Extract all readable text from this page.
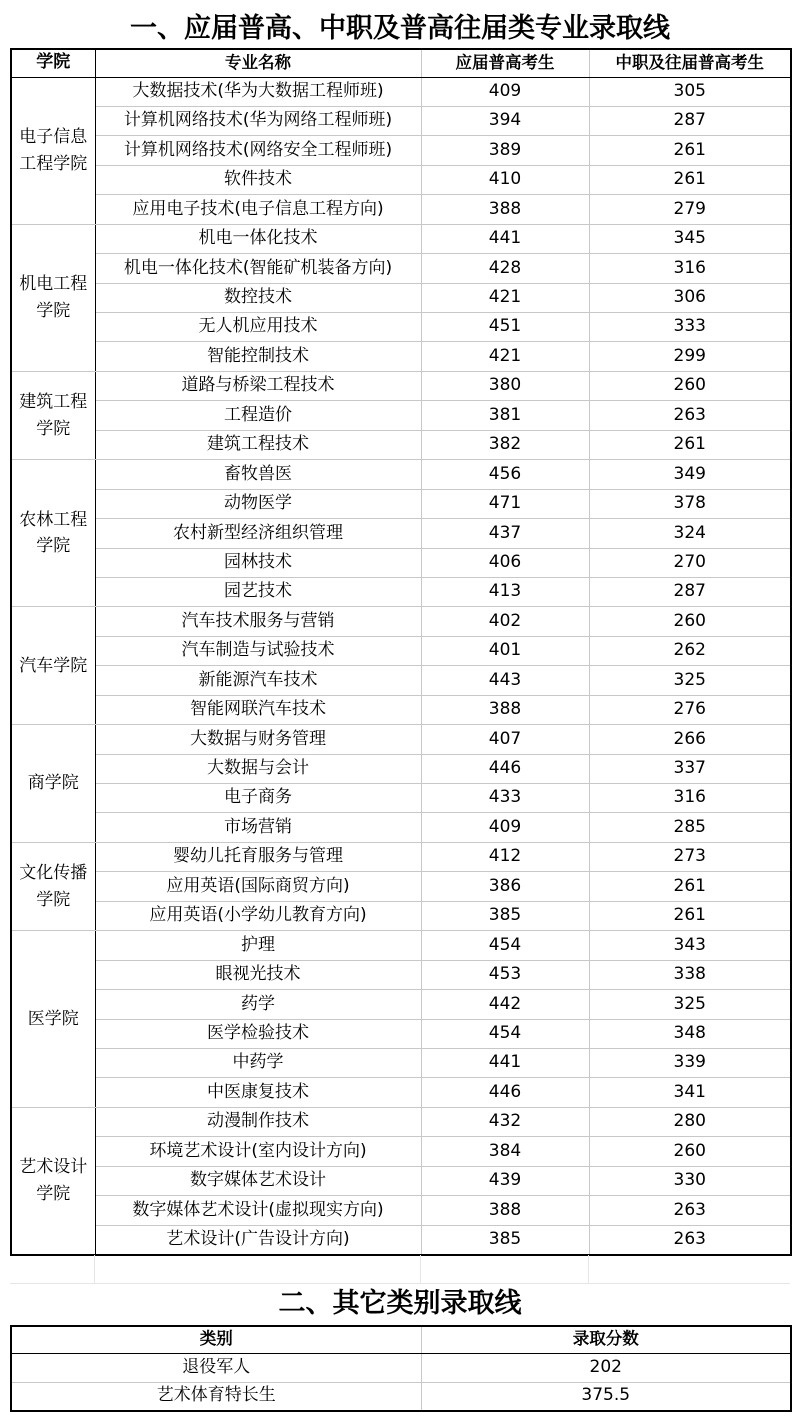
一、应届普高、中职及普高往届类专业录取线
学院	专业名称	应届普高考生	中职及往届普高考生
电子信息
工程学院	大数据技术(华为大数据工程师班)	409	305
	计算机网络技术(华为网络工程师班)	394	287
	计算机网络技术(网络安全工程师班)	389	261
	软件技术	410	261
	应用电子技术(电子信息工程方向)	388	279
机电工程
学院	机电一体化技术	441	345
	机电一体化技术(智能矿机装备方向)	428	316
	数控技术	421	306
	无人机应用技术	451	333
	智能控制技术	421	299
建筑工程
学院	道路与桥梁工程技术	380	260
	工程造价	381	263
	建筑工程技术	382	261
农林工程
学院	畜牧兽医	456	349
	动物医学	471	378
	农村新型经济组织管理	437	324
	园林技术	406	270
	园艺技术	413	287
汽车学院	汽车技术服务与营销	402	260
	汽车制造与试验技术	401	262
	新能源汽车技术	443	325
	智能网联汽车技术	388	276
商学院	大数据与财务管理	407	266
	大数据与会计	446	337
	电子商务	433	316
	市场营销	409	285
文化传播
学院	婴幼儿托育服务与管理	412	273
	应用英语(国际商贸方向)	386	261
	应用英语(小学幼儿教育方向)	385	261
医学院	护理	454	343
	眼视光技术	453	338
	药学	442	325
	医学检验技术	454	348
	中药学	441	339
	中医康复技术	446	341
艺术设计
学院	动漫制作技术	432	280
	环境艺术设计(室内设计方向)	384	260
	数字媒体艺术设计	439	330
	数字媒体艺术设计(虚拟现实方向)	388	263
	艺术设计(广告设计方向)	385	263
二、其它类别录取线
类别	录取分数
退役军人	202
艺术体育特长生	375.5
